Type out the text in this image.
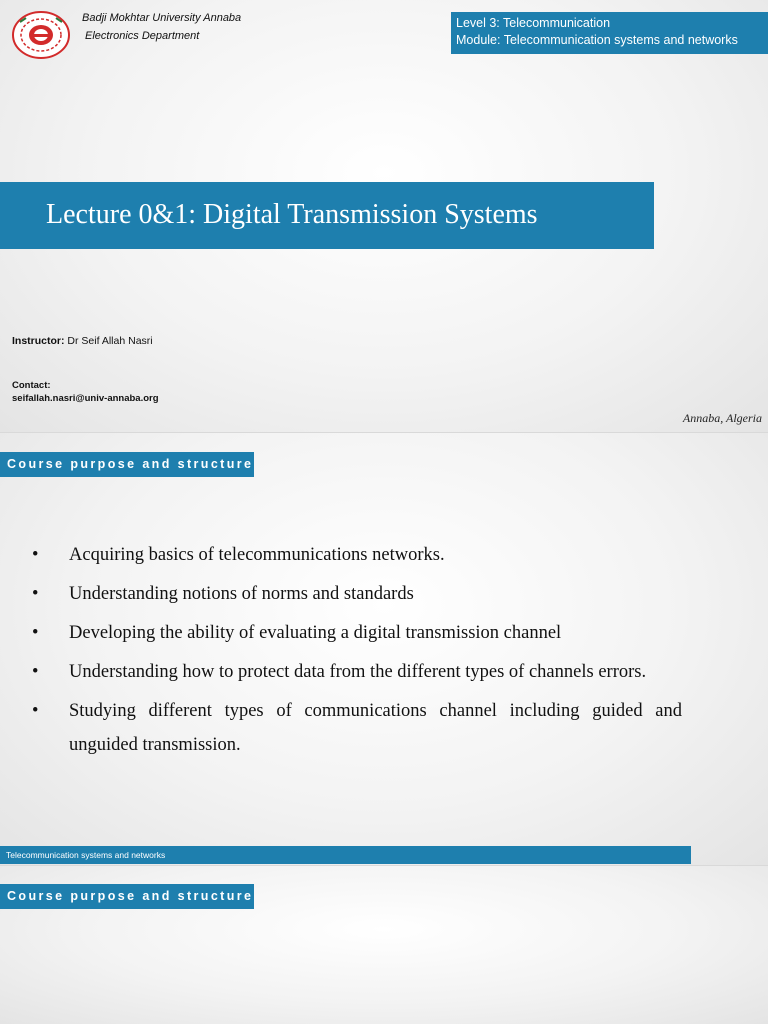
Badji Mokhtar University Annaba
Electronics Department
Level 3: Telecommunication
Module: Telecommunication systems and networks
Lecture 0&1: Digital Transmission Systems
Instructor: Dr Seif Allah Nasri
Contact:
seifallah.nasri@univ-annaba.org
Annaba, Algeria
Course purpose and structure
• Acquiring basics of telecommunications networks.
• Understanding notions of norms and standards
• Developing the ability of evaluating a digital transmission channel
• Understanding how to protect data from the different types of channels errors.
• Studying different types of communications channel including guided and unguided transmission.
Telecommunication systems and networks
Course purpose and structure
